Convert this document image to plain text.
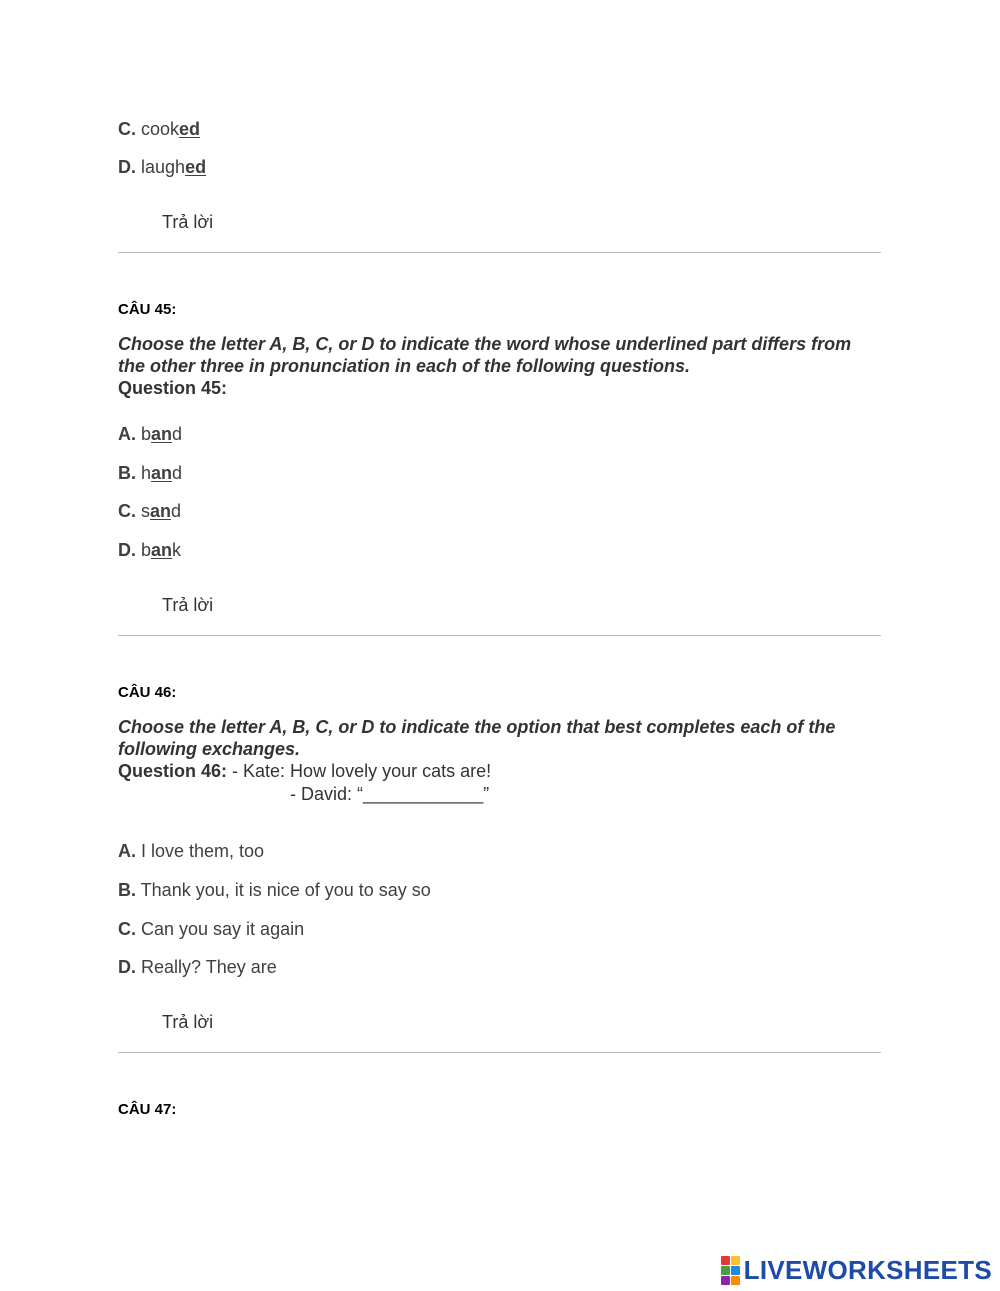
C. cooked
D. laughed
Trả lời
CÂU 45:
Choose the letter A, B, C, or D to indicate the word whose underlined part differs from the other three in pronunciation in each of the following questions.
Question 45:
A. band
B. hand
C. sand
D. bank
Trả lời
CÂU 46:
Choose the letter A, B, C, or D to indicate the option that best completes each of the following exchanges.
Question 46: - Kate: How lovely your cats are!
- David: “____________”
A. I love them, too
B. Thank you, it is nice of you to say so
C. Can you say it again
D. Really? They are
Trả lời
CÂU 47:
LIVEWORKSHEETS
